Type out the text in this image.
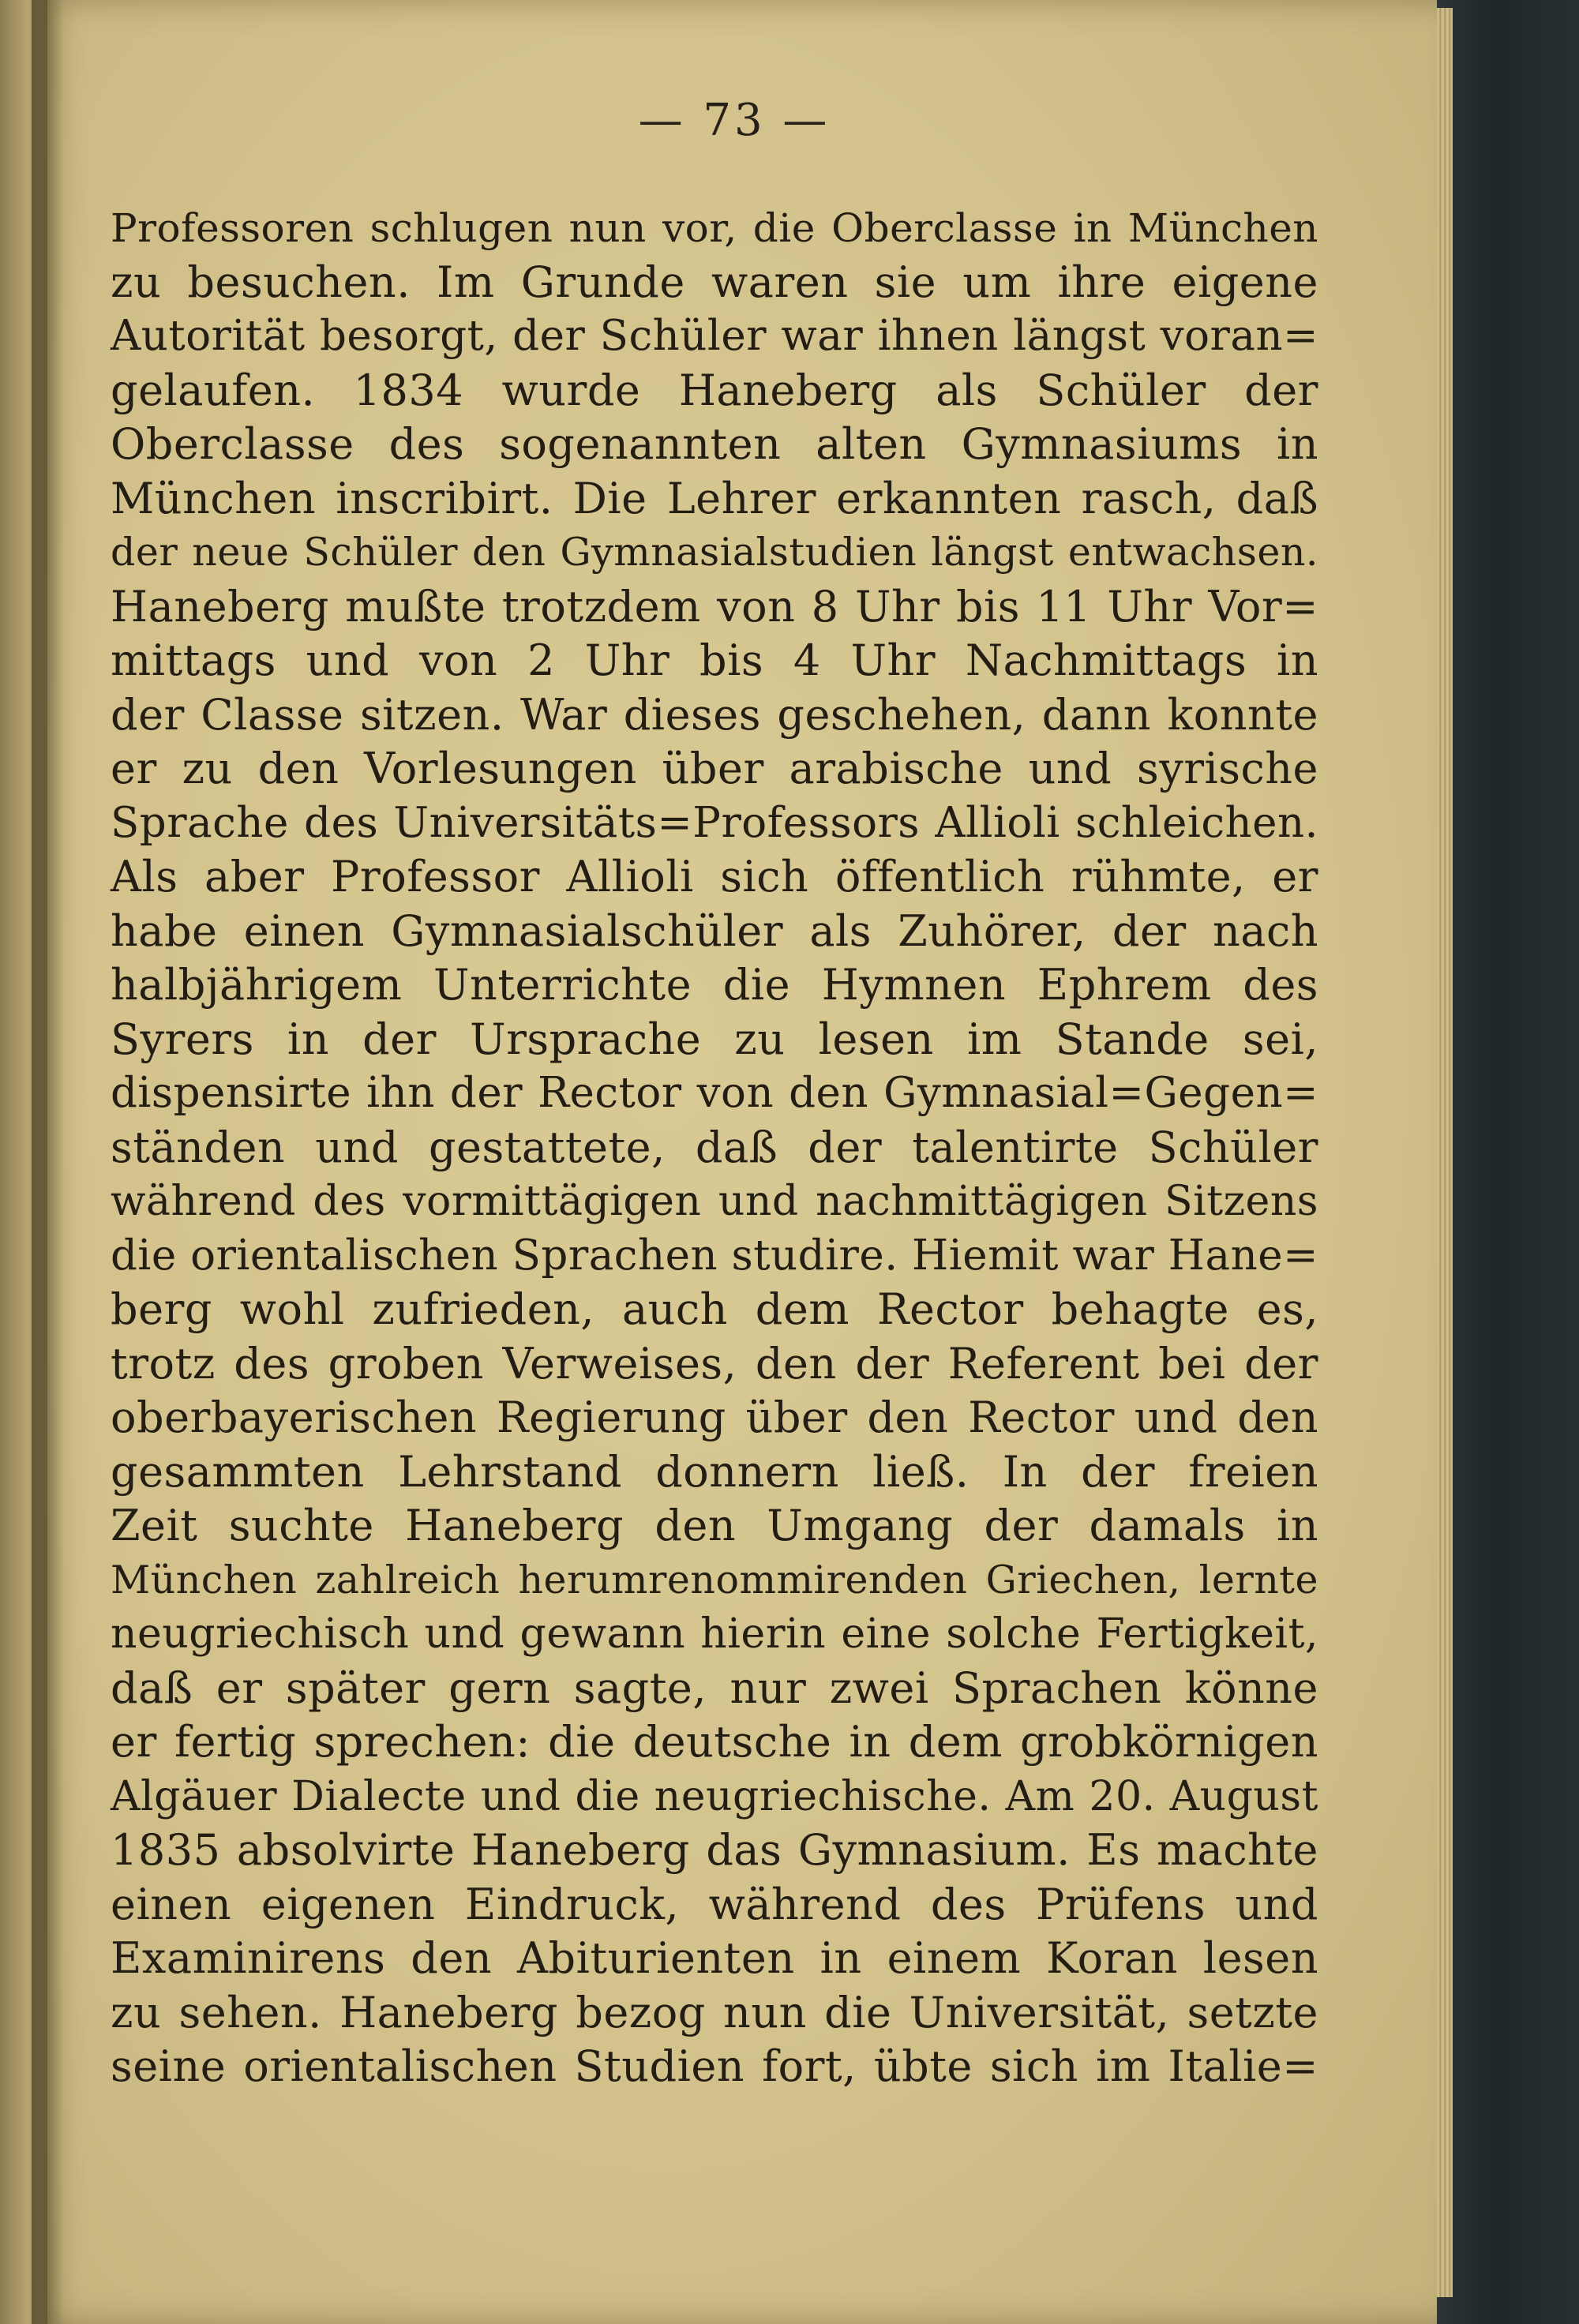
— 73 —
Professoren schlugen nun vor, die Oberclasse in München
zu besuchen. Im Grunde waren sie um ihre eigene
Autorität besorgt, der Schüler war ihnen längst voran=
gelaufen. 1834 wurde Haneberg als Schüler der
Oberclasse des sogenannten alten Gymnasiums in
München inscribirt. Die Lehrer erkannten rasch, daß
der neue Schüler den Gymnasialstudien längst entwachsen.
Haneberg mußte trotzdem von 8 Uhr bis 11 Uhr Vor=
mittags und von 2 Uhr bis 4 Uhr Nachmittags in
der Classe sitzen. War dieses geschehen, dann konnte
er zu den Vorlesungen über arabische und syrische
Sprache des Universitäts=Professors Allioli schleichen.
Als aber Professor Allioli sich öffentlich rühmte, er
habe einen Gymnasialschüler als Zuhörer, der nach
halbjährigem Unterrichte die Hymnen Ephrem des
Syrers in der Ursprache zu lesen im Stande sei,
dispensirte ihn der Rector von den Gymnasial=Gegen=
ständen und gestattete, daß der talentirte Schüler
während des vormittägigen und nachmittägigen Sitzens
die orientalischen Sprachen studire. Hiemit war Hane=
berg wohl zufrieden, auch dem Rector behagte es,
trotz des groben Verweises, den der Referent bei der
oberbayerischen Regierung über den Rector und den
gesammten Lehrstand donnern ließ. In der freien
Zeit suchte Haneberg den Umgang der damals in
München zahlreich herumrenommirenden Griechen, lernte
neugriechisch und gewann hierin eine solche Fertigkeit,
daß er später gern sagte, nur zwei Sprachen könne
er fertig sprechen: die deutsche in dem grobkörnigen
Algäuer Dialecte und die neugriechische. Am 20. August
1835 absolvirte Haneberg das Gymnasium. Es machte
einen eigenen Eindruck, während des Prüfens und
Examinirens den Abiturienten in einem Koran lesen
zu sehen. Haneberg bezog nun die Universität, setzte
seine orientalischen Studien fort, übte sich im Italie=
